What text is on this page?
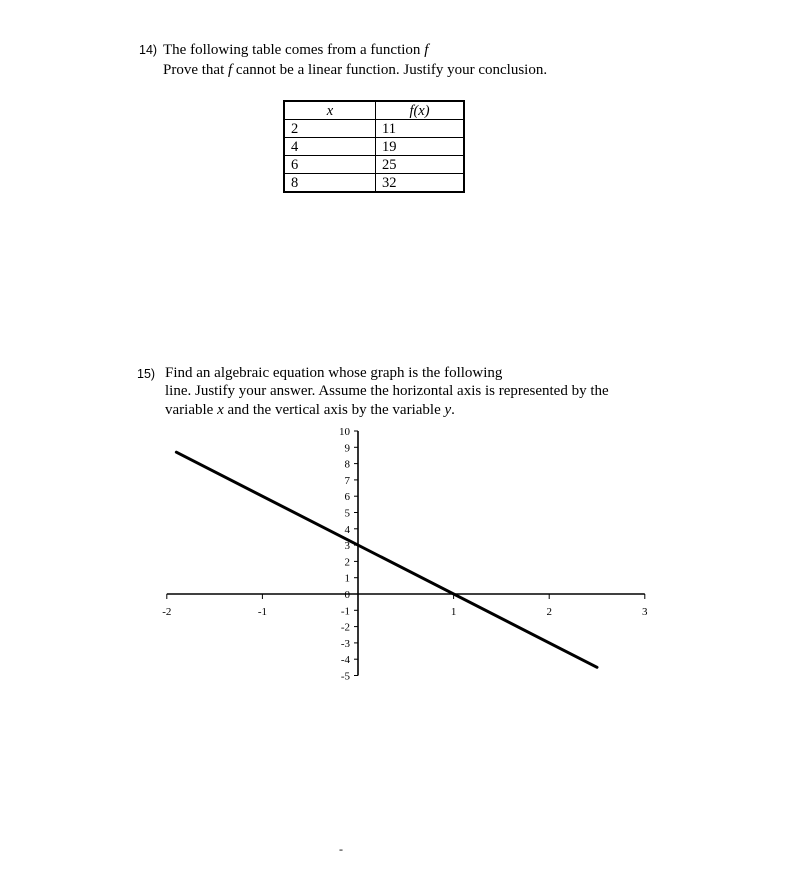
14) The following table comes from a function f
Prove that f cannot be a linear function. Justify your conclusion.
x	f(x)
2	11
4	19
6	25
8	32
15) Find an algebraic equation whose graph is the following
line. Justify your answer. Assume the horizontal axis is represented by the
variable x and the vertical axis by the variable y.
10
9
8
7
6
5
4
3
2
1
0
-1
-2
-3
-4
-5
-2	-1	1	2	3
-
